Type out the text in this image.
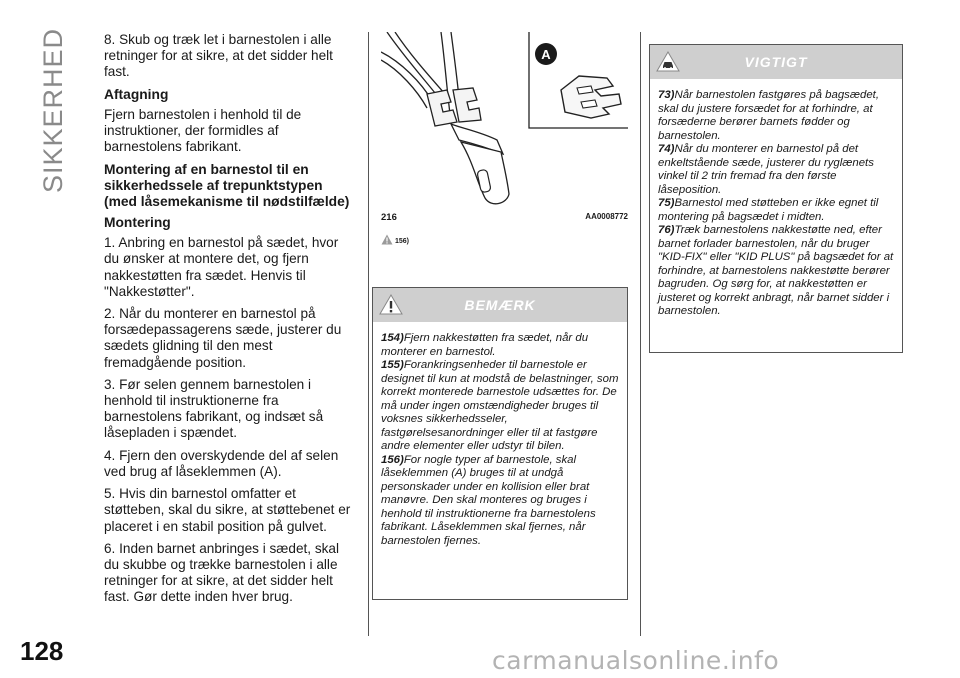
SIKKERHED
128	carmanualsonline.info

8. Skub og træk let i barnestolen i alle retninger for at sikre, at det sidder helt fast.

Aftagning

Fjern barnestolen i henhold til de instruktioner, der formidles af barnestolens fabrikant.

Montering af en barnestol til en sikkerhedssele af trepunktstypen (med låsemekanisme til nødstilfælde)
Montering

1. Anbring en barnestol på sædet, hvor du ønsker at montere det, og fjern nakkestøtten fra sædet. Henvis til "Nakkestøtter".

2. Når du monterer en barnestol på forsædepassagerens sæde, justerer du sædets glidning til den mest fremadgående position.

3. Før selen gennem barnestolen i henhold til instruktionerne fra barnestolens fabrikant, og indsæt så låsepladen i spændet.

4. Fjern den overskydende del af selen ved brug af låseklemmen (A).

5. Hvis din barnestol omfatter et støtteben, skal du sikre, at støttebenet er placeret i en stabil position på gulvet.

6. Inden barnet anbringes i sædet, skal du skubbe og trække barnestolen i alle retninger for at sikre, at det sidder helt fast. Gør dette inden hver brug.

A
216	AA0008772
156)
BEMÆRK

154)Fjern nakkestøtten fra sædet, når du monterer en barnestol.

155)Forankringsenheder til barnestole er designet til kun at modstå de belastninger, som korrekt monterede barnestole udsættes for. De må under ingen omstændigheder bruges til voksnes sikkerhedsseler, fastgørelsesanordninger eller til at fastgøre andre elementer eller udstyr til bilen.

156)For nogle typer af barnestole, skal låseklemmen (A) bruges til at undgå personskader under en kollision eller brat manøvre. Den skal monteres og bruges i henhold til instruktionerne fra barnestolens fabrikant. Låseklemmen skal fjernes, når barnestolen fjernes.

VIGTIGT

73)Når barnestolen fastgøres på bagsædet, skal du justere forsædet for at forhindre, at forsæderne berører barnets fødder og barnestolen.

74)Når du monterer en barnestol på det enkeltstående sæde, justerer du ryglænets vinkel til 2 trin fremad fra den første låseposition.

75)Barnestol med støtteben er ikke egnet til montering på bagsædet i midten.

76)Træk barnestolens nakkestøtte ned, efter barnet forlader barnestolen, når du bruger "KID-FIX" eller "KID PLUS" på bagsædet for at forhindre, at barnestolens nakkestøtte berører bagruden. Og sørg for, at nakkestøtten er justeret og korrekt anbragt, når barnet sidder i barnestolen.
